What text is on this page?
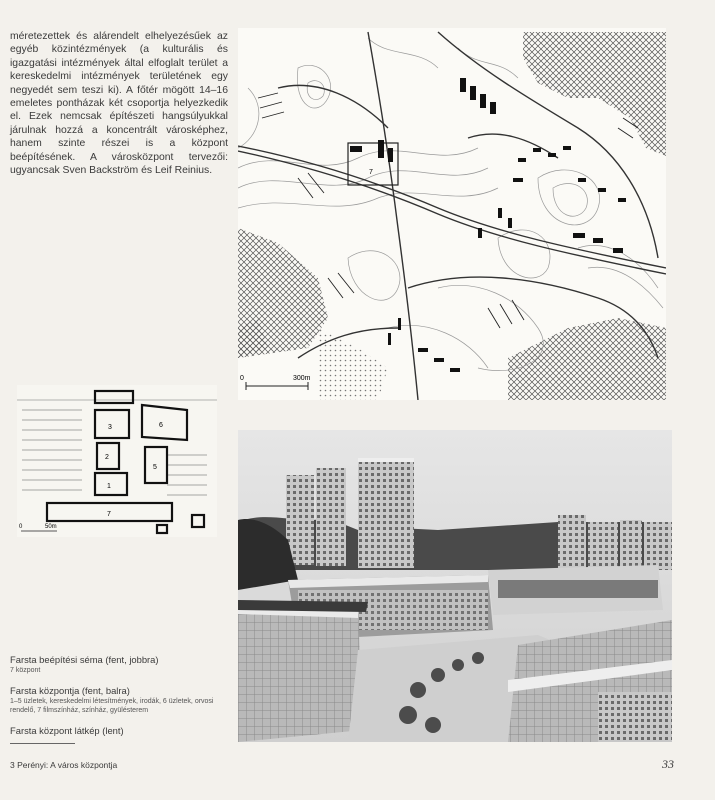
méretezettek és alárendelt elhelyezésűek az egyéb közintézmények (a kulturális és igazgatási intézmények által elfoglalt terület a kereskedelmi intézmények területének egy negyedét sem teszi ki). A főtér mögött 14–16 emeletes pontházak két csoportja helyezkedik el. Ezek nemcsak építészeti hangsúlyukkal járulnak hozzá a koncentrált városképhez, hanem szinte részei is a központ beépítésének. A városközpont tervezői: ugyancsak Sven Backström és Leif Reinius.	7
0	300m
3
2
1
5
6
7
0	50m

Farsta beépítési séma (fent, jobbra)

7 központ

Farsta központja (fent, balra)

1–5 üzletek, kereskedelmi létesítmények, irodák, 6 üzletek, orvosi rendelő, 7 filmszínház, színház, gyülésterem

Farsta központ látkép (lent)

3 Perényi: A város központja	33
